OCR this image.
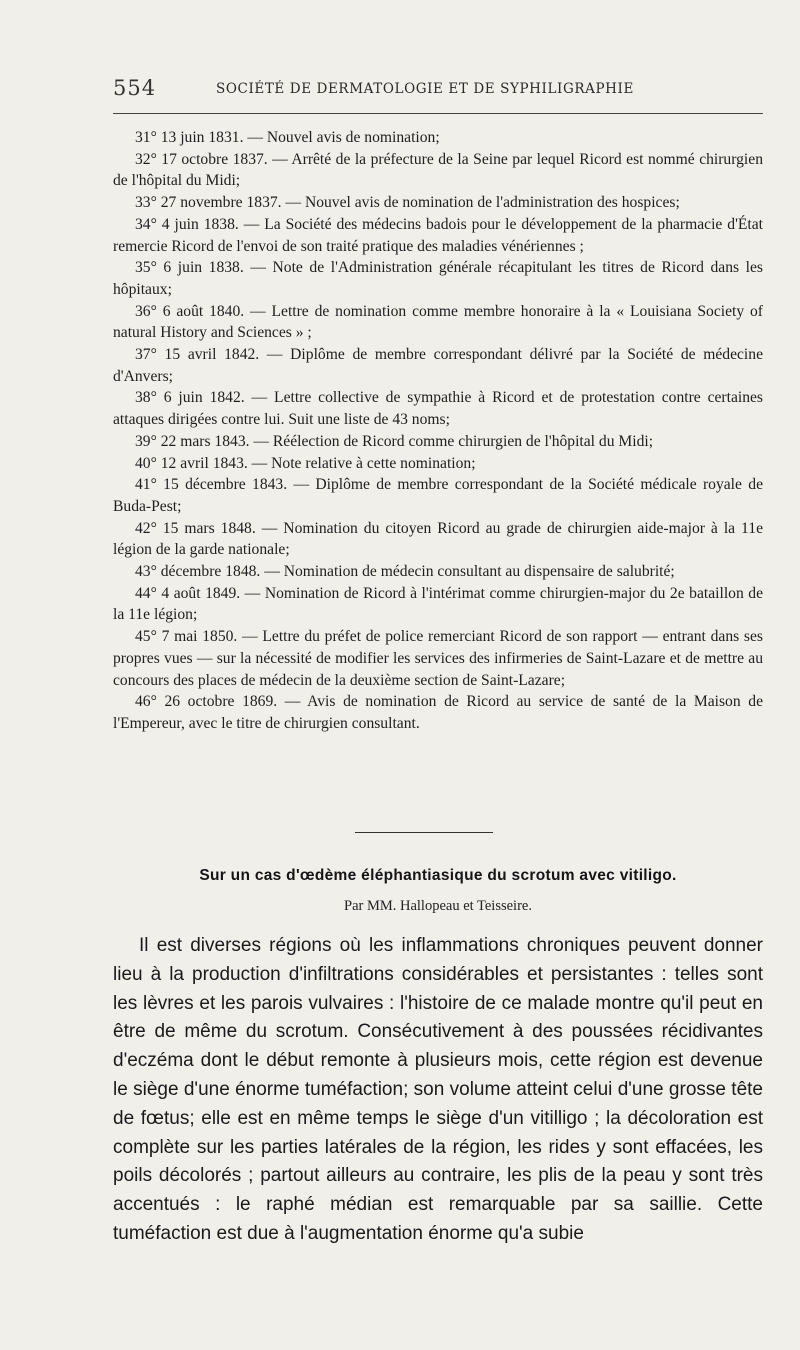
554	SOCIÉTÉ DE DERMATOLOGIE ET DE SYPHILIGRAPHIE

31° 13 juin 1831. — Nouvel avis de nomination;

32° 17 octobre 1837. — Arrêté de la préfecture de la Seine par lequel Ricord est nommé chirurgien de l'hôpital du Midi;

33° 27 novembre 1837. — Nouvel avis de nomination de l'administration des hospices;

34° 4 juin 1838. — La Société des médecins badois pour le développement de la pharmacie d'État remercie Ricord de l'envoi de son traité pratique des maladies vénériennes ;

35° 6 juin 1838. — Note de l'Administration générale récapitulant les titres de Ricord dans les hôpitaux;

36° 6 août 1840. — Lettre de nomination comme membre honoraire à la « Louisiana Society of natural History and Sciences » ;

37° 15 avril 1842. — Diplôme de membre correspondant délivré par la Société de médecine d'Anvers;

38° 6 juin 1842. — Lettre collective de sympathie à Ricord et de protestation contre certaines attaques dirigées contre lui. Suit une liste de 43 noms;

39° 22 mars 1843. — Réélection de Ricord comme chirurgien de l'hôpital du Midi;

40° 12 avril 1843. — Note relative à cette nomination;

41° 15 décembre 1843. — Diplôme de membre correspondant de la Société médicale royale de Buda-Pest;

42° 15 mars 1848. — Nomination du citoyen Ricord au grade de chirurgien aide-major à la 11e légion de la garde nationale;

43° décembre 1848. — Nomination de médecin consultant au dispensaire de salubrité;

44° 4 août 1849. — Nomination de Ricord à l'intérimat comme chirurgien-major du 2e bataillon de la 11e légion;

45° 7 mai 1850. — Lettre du préfet de police remerciant Ricord de son rapport — entrant dans ses propres vues — sur la nécessité de modifier les services des infirmeries de Saint-Lazare et de mettre au concours des places de médecin de la deuxième section de Saint-Lazare;

46° 26 octobre 1869. — Avis de nomination de Ricord au service de santé de la Maison de l'Empereur, avec le titre de chirurgien consultant.

Sur un cas d'œdème éléphantiasique du scrotum avec vitiligo.
Par MM. Hallopeau et Teisseire.

Il est diverses régions où les inflammations chroniques peuvent donner lieu à la production d'infiltrations considérables et persistantes : telles sont les lèvres et les parois vulvaires : l'histoire de ce malade montre qu'il peut en être de même du scrotum. Consécutivement à des poussées récidivantes d'eczéma dont le début remonte à plusieurs mois, cette région est devenue le siège d'une énorme tuméfaction; son volume atteint celui d'une grosse tête de fœtus; elle est en même temps le siège d'un vitilligo ; la décoloration est complète sur les parties latérales de la région, les rides y sont effacées, les poils décolorés ; partout ailleurs au contraire, les plis de la peau y sont très accentués : le raphé médian est remarquable par sa saillie. Cette tuméfaction est due à l'augmentation énorme qu'a subie
